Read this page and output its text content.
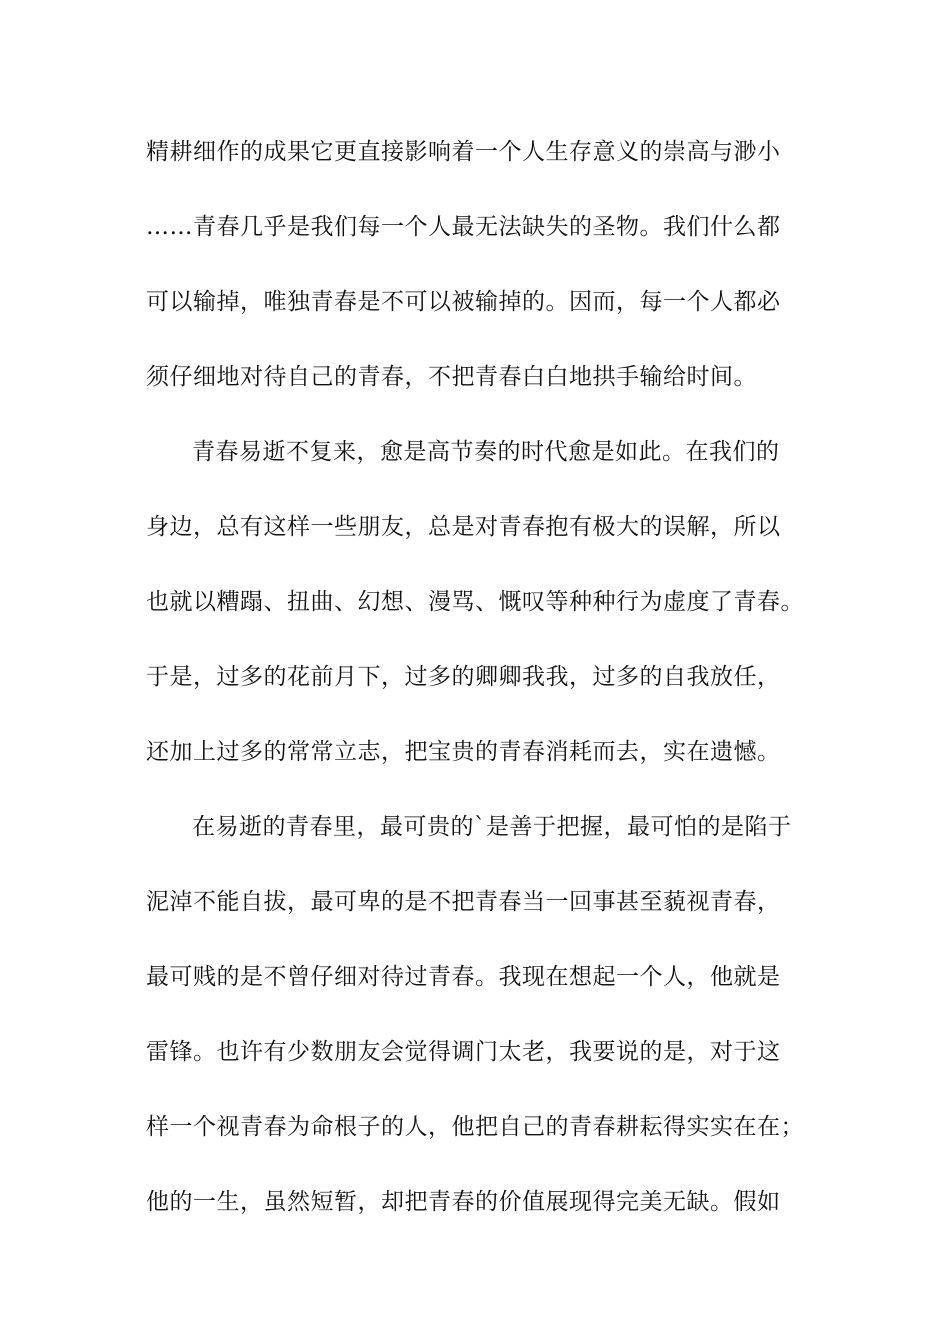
精耕细作的成果它更直接影响着一个人生存意义的崇高与渺小
……青春几乎是我们每一个人最无法缺失的圣物。我们什么都
可以输掉，唯独青春是不可以被输掉的。因而，每一个人都必
须仔细地对待自己的青春，不把青春白白地拱手输给时间。
青春易逝不复来，愈是高节奏的时代愈是如此。在我们的
身边，总有这样一些朋友，总是对青春抱有极大的误解，所以
也就以糟蹋、扭曲、幻想、漫骂、慨叹等种种行为虚度了青春。
于是，过多的花前月下，过多的卿卿我我，过多的自我放任，
还加上过多的常常立志，把宝贵的青春消耗而去，实在遗憾。
在易逝的青春里，最可贵的`是善于把握，最可怕的是陷于
泥淖不能自拔，最可卑的是不把青春当一回事甚至藐视青春，
最可贱的是不曾仔细对待过青春。我现在想起一个人，他就是
雷锋。也许有少数朋友会觉得调门太老，我要说的是，对于这
样一个视青春为命根子的人，他把自己的青春耕耘得实实在在；
他的一生，虽然短暂，却把青春的价值展现得完美无缺。假如
